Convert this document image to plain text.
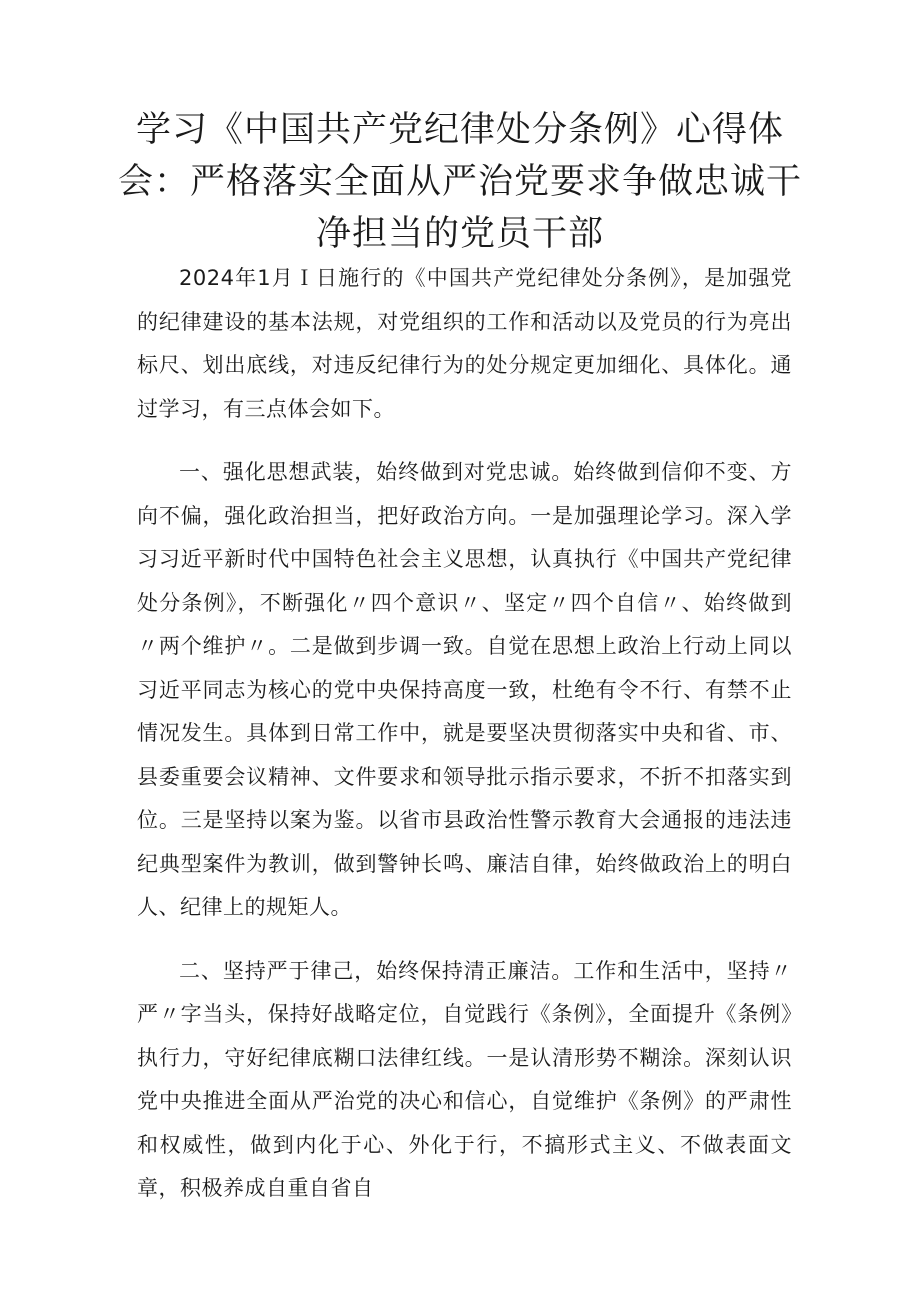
学习《中国共产党纪律处分条例》心得体会：严格落实全面从严治党要求争做忠诚干净担当的党员干部

2024年1月Ｉ日施行的《中国共产党纪律处分条例》，是加强党的纪律建设的基本法规，对党组织的工作和活动以及党员的行为亮出标尺、划出底线，对违反纪律行为的处分规定更加细化、具体化。通过学习，有三点体会如下。

一、强化思想武装，始终做到对党忠诚。始终做到信仰不变、方向不偏，强化政治担当，把好政治方向。一是加强理论学习。深入学习习近平新时代中国特色社会主义思想，认真执行《中国共产党纪律处分条例》，不断强化〃四个意识〃、坚定〃四个自信〃、始终做到〃两个维护〃。二是做到步调一致。自觉在思想上政治上行动上同以习近平同志为核心的党中央保持高度一致，杜绝有令不行、有禁不止情况发生。具体到日常工作中，就是要坚决贯彻落实中央和省、市、县委重要会议精神、文件要求和领导批示指示要求，不折不扣落实到位。三是坚持以案为鉴。以省市县政治性警示教育大会通报的违法违纪典型案件为教训，做到警钟长鸣、廉洁自律，始终做政治上的明白人、纪律上的规矩人。

二、坚持严于律己，始终保持清正廉洁。工作和生活中，坚持〃严〃字当头，保持好战略定位，自觉践行《条例》，全面提升《条例》执行力，守好纪律底糊口法律红线。一是认清形势不糊涂。深刻认识党中央推进全面从严治党的决心和信心，自觉维护《条例》的严肃性和权威性，做到内化于心、外化于行，不搞形式主义、不做表面文章，积极养成自重自省自
